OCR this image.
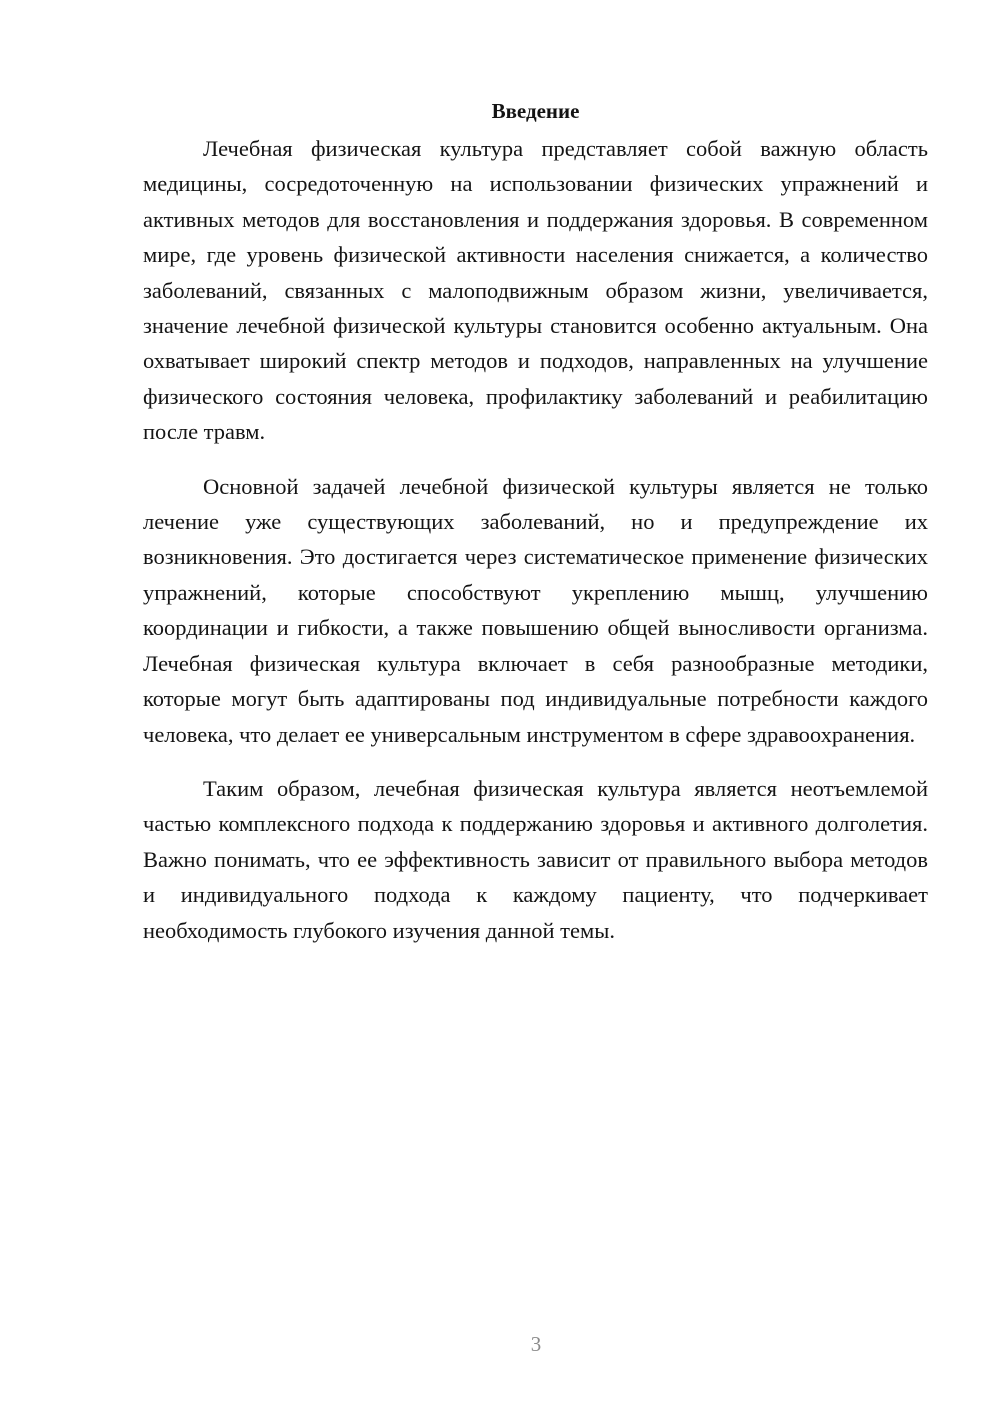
Введение

Лечебная физическая культура представляет собой важную область медицины, сосредоточенную на использовании физических упражнений и активных методов для восстановления и поддержания здоровья. В современном мире, где уровень физической активности населения снижается, а количество заболеваний, связанных с малоподвижным образом жизни, увеличивается, значение лечебной физической культуры становится особенно актуальным. Она охватывает широкий спектр методов и подходов, направленных на улучшение физического состояния человека, профилактику заболеваний и реабилитацию после травм.

Основной задачей лечебной физической культуры является не только лечение уже существующих заболеваний, но и предупреждение их возникновения. Это достигается через систематическое применение физических упражнений, которые способствуют укреплению мышц, улучшению координации и гибкости, а также повышению общей выносливости организма. Лечебная физическая культура включает в себя разнообразные методики, которые могут быть адаптированы под индивидуальные потребности каждого человека, что делает ее универсальным инструментом в сфере здравоохранения.

Таким образом, лечебная физическая культура является неотъемлемой частью комплексного подхода к поддержанию здоровья и активного долголетия. Важно понимать, что ее эффективность зависит от правильного выбора методов и индивидуального подхода к каждому пациенту, что подчеркивает необходимость глубокого изучения данной темы.

3
